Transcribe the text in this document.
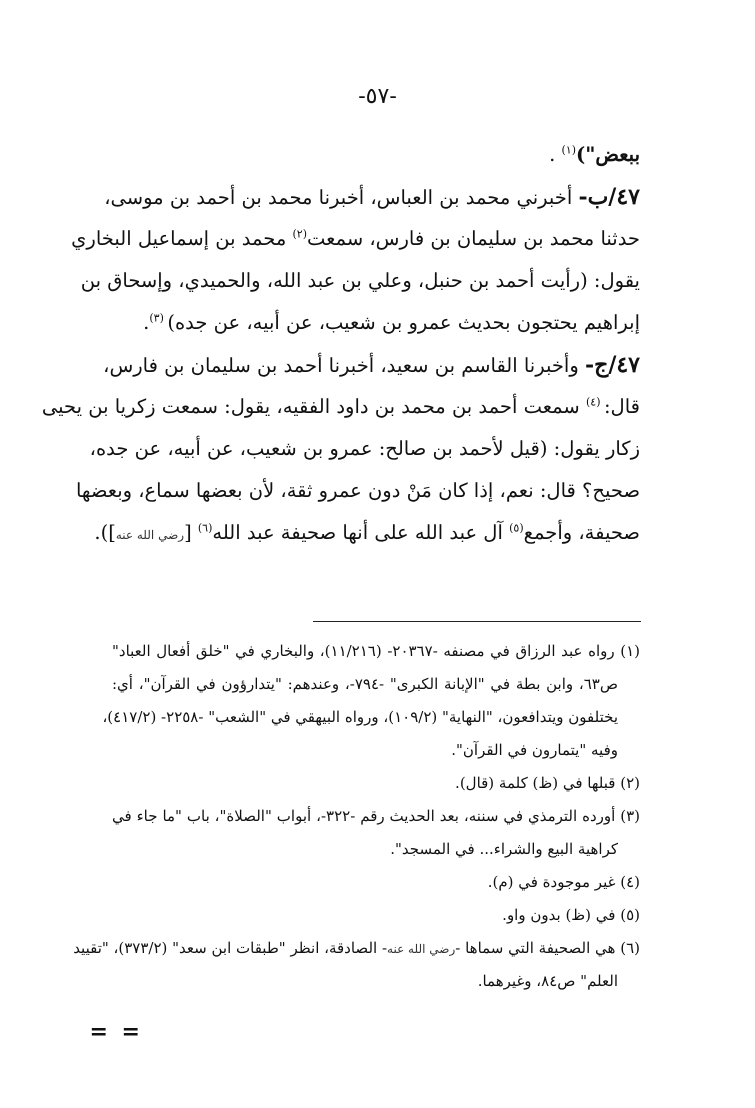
-٥٧-
ببعض")$^{(١)}$ .
٤٧/ب- أخبرني محمد بن العباس، أخبرنا محمد بن أحمد بن موسى،
حدثنا محمد بن سليمان بن فارس، سمعت$^{(٢)}$ محمد بن إسماعيل البخاري
يقول: (رأيت أحمد بن حنبل، وعلي بن عبد الله، والحميدي، وإسحاق بن
إبراهيم يحتجون بحديث عمرو بن شعيب، عن أبيه، عن جده) $^{(٣)}$.
٤٧/ج- وأخبرنا القاسم بن سعيد، أخبرنا أحمد بن سليمان بن فارس،
قال: $^{(٤)}$ سمعت أحمد بن محمد بن داود الفقيه، يقول: سمعت زكريا بن يحيى
زكار يقول: (قيل لأحمد بن صالح: عمرو بن شعيب، عن أبيه، عن جده،
صحيح؟ قال: نعم، إذا كان مَنْ دون عمرو ثقة، لأن بعضها سماع، وبعضها
صحيفة، وأجمع$^{(٥)}$ آل عبد الله على أنها صحيفة عبد الله$^{(٦)}$ [رضي الله عنه]).
(١) رواه عبد الرزاق في مصنفه -٢٠٣٦٧- (١١/٢١٦)، والبخاري في "خلق أفعال العباد"
ص٦٣، وابن بطة في "الإبانة الكبرى" -٧٩٤-، وعندهم: "يتدارؤون في القرآن"، أي:
يختلفون ويتدافعون، "النهاية" (١٠٩/٢)، ورواه البيهقي في "الشعب" -٢٢٥٨- (٤١٧/٢)،
وفيه "يتمارون في القرآن".
(٢) قبلها في (ظ) كلمة (قال).
(٣) أورده الترمذي في سننه، بعد الحديث رقم -٣٢٢-، أبواب "الصلاة"، باب "ما جاء في
كراهية البيع والشراء... في المسجد".
(٤) غير موجودة في (م).
(٥) في (ظ) بدون واو.
(٦) هي الصحيفة التي سماها -رضي الله عنه- الصادقة، انظر "طبقات ابن سعد" (٣٧٣/٢)، "تقييد
العلم" ص٨٤، وغيرهما.
= =
